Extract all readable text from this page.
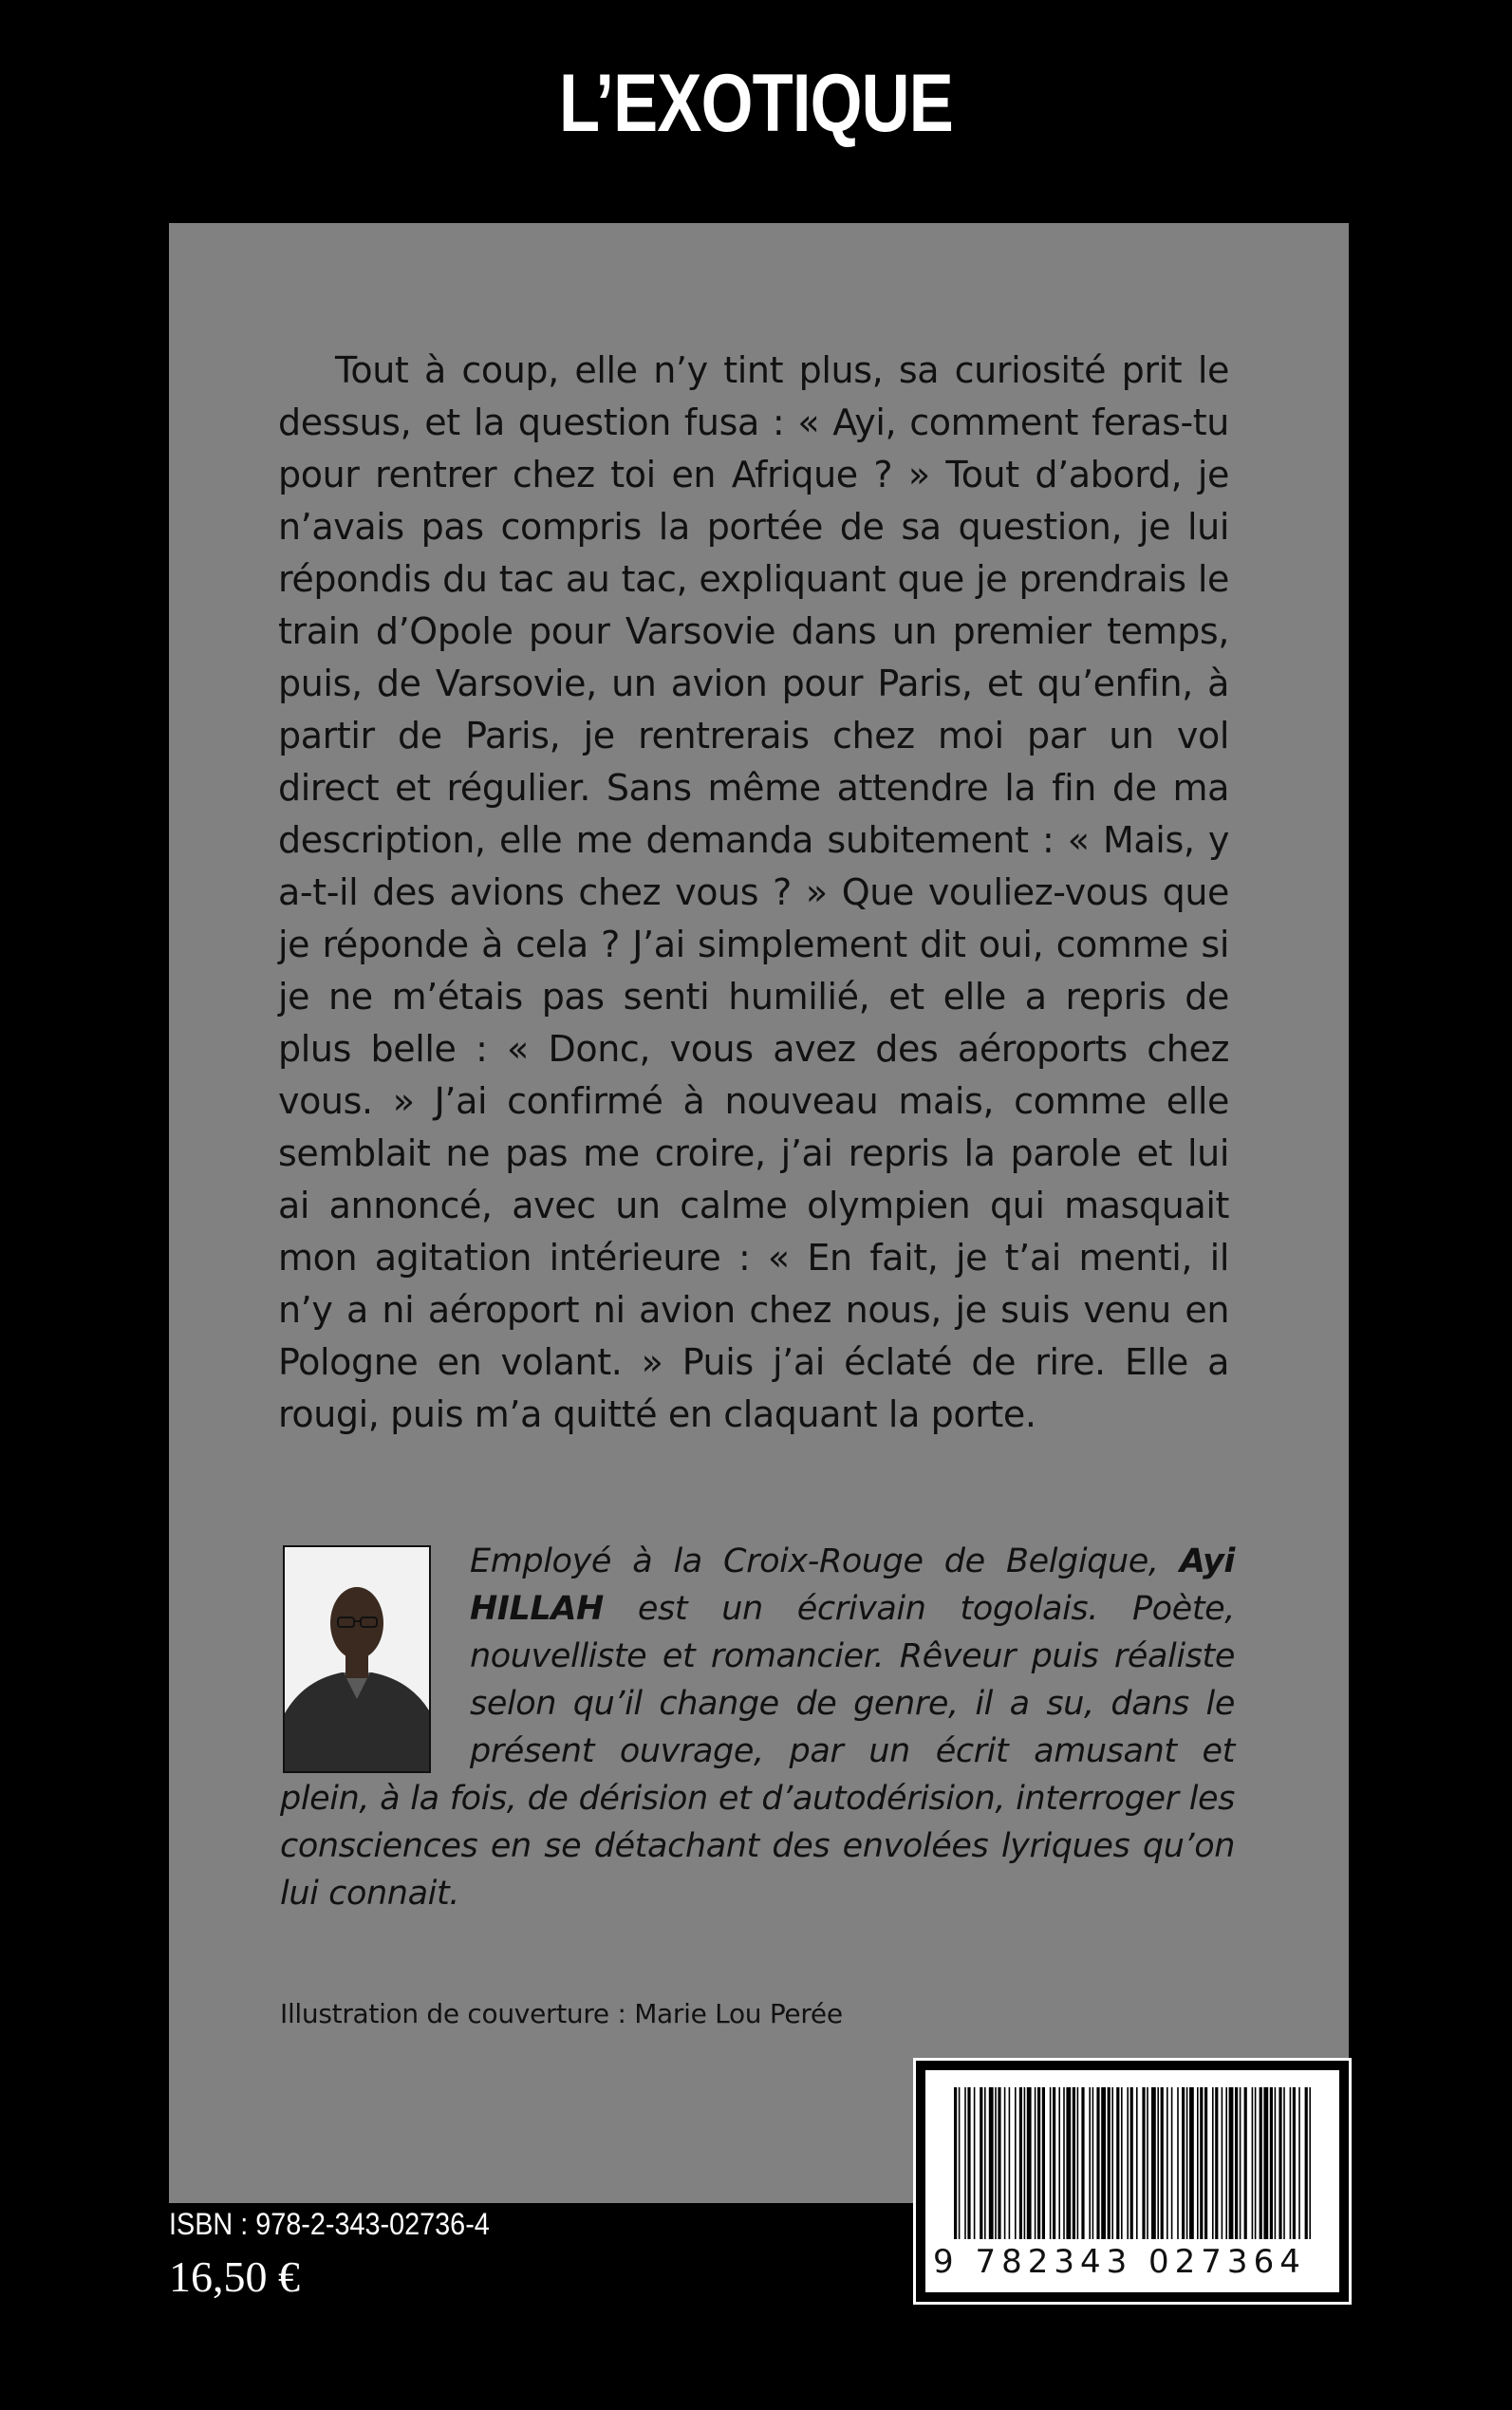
L’EXOTIQUE

Tout à coup, elle n’y tint plus, sa curiosité prit le dessus, et la question fusa : « Ayi, comment feras-tu pour rentrer chez toi en Afrique ? » Tout d’abord, je n’avais pas compris la portée de sa question, je lui répondis du tac au tac, expliquant que je prendrais le train d’Opole pour Varsovie dans un premier temps, puis, de Varsovie, un avion pour Paris, et qu’enfin, à partir de Paris, je rentrerais chez moi par un vol direct et régulier. Sans même attendre la fin de ma description, elle me demanda subitement : « Mais, y a-t-il des avions chez vous ? » Que vouliez-vous que je réponde à cela ? J’ai simplement dit oui, comme si je ne m’étais pas senti humilié, et elle a repris de plus belle : « Donc, vous avez des aéroports chez vous. » J’ai confirmé à nouveau mais, comme elle semblait ne pas me croire, j’ai repris la parole et lui ai annoncé, avec un calme olympien qui masquait mon agitation intérieure : « En fait, je t’ai menti, il n’y a ni aéroport ni avion chez nous, je suis venu en Pologne en volant. » Puis j’ai éclaté de rire. Elle a rougi, puis m’a quitté en claquant la porte.

Employé à la Croix-Rouge de Belgique, Ayi HILLAH est un écrivain togolais. Poète, nouvelliste et romancier. Rêveur puis réaliste selon qu’il change de genre, il a su, dans le présent ouvrage, par un écrit amusant et plein, à la fois, de dérision et d’autodérision, interroger les consciences en se détachant des envolées lyriques qu’on lui connait.

Illustration de couverture : Marie Lou Perée
ISBN : 978-2-343-02736-4
16,50 €	9 782343 027364
